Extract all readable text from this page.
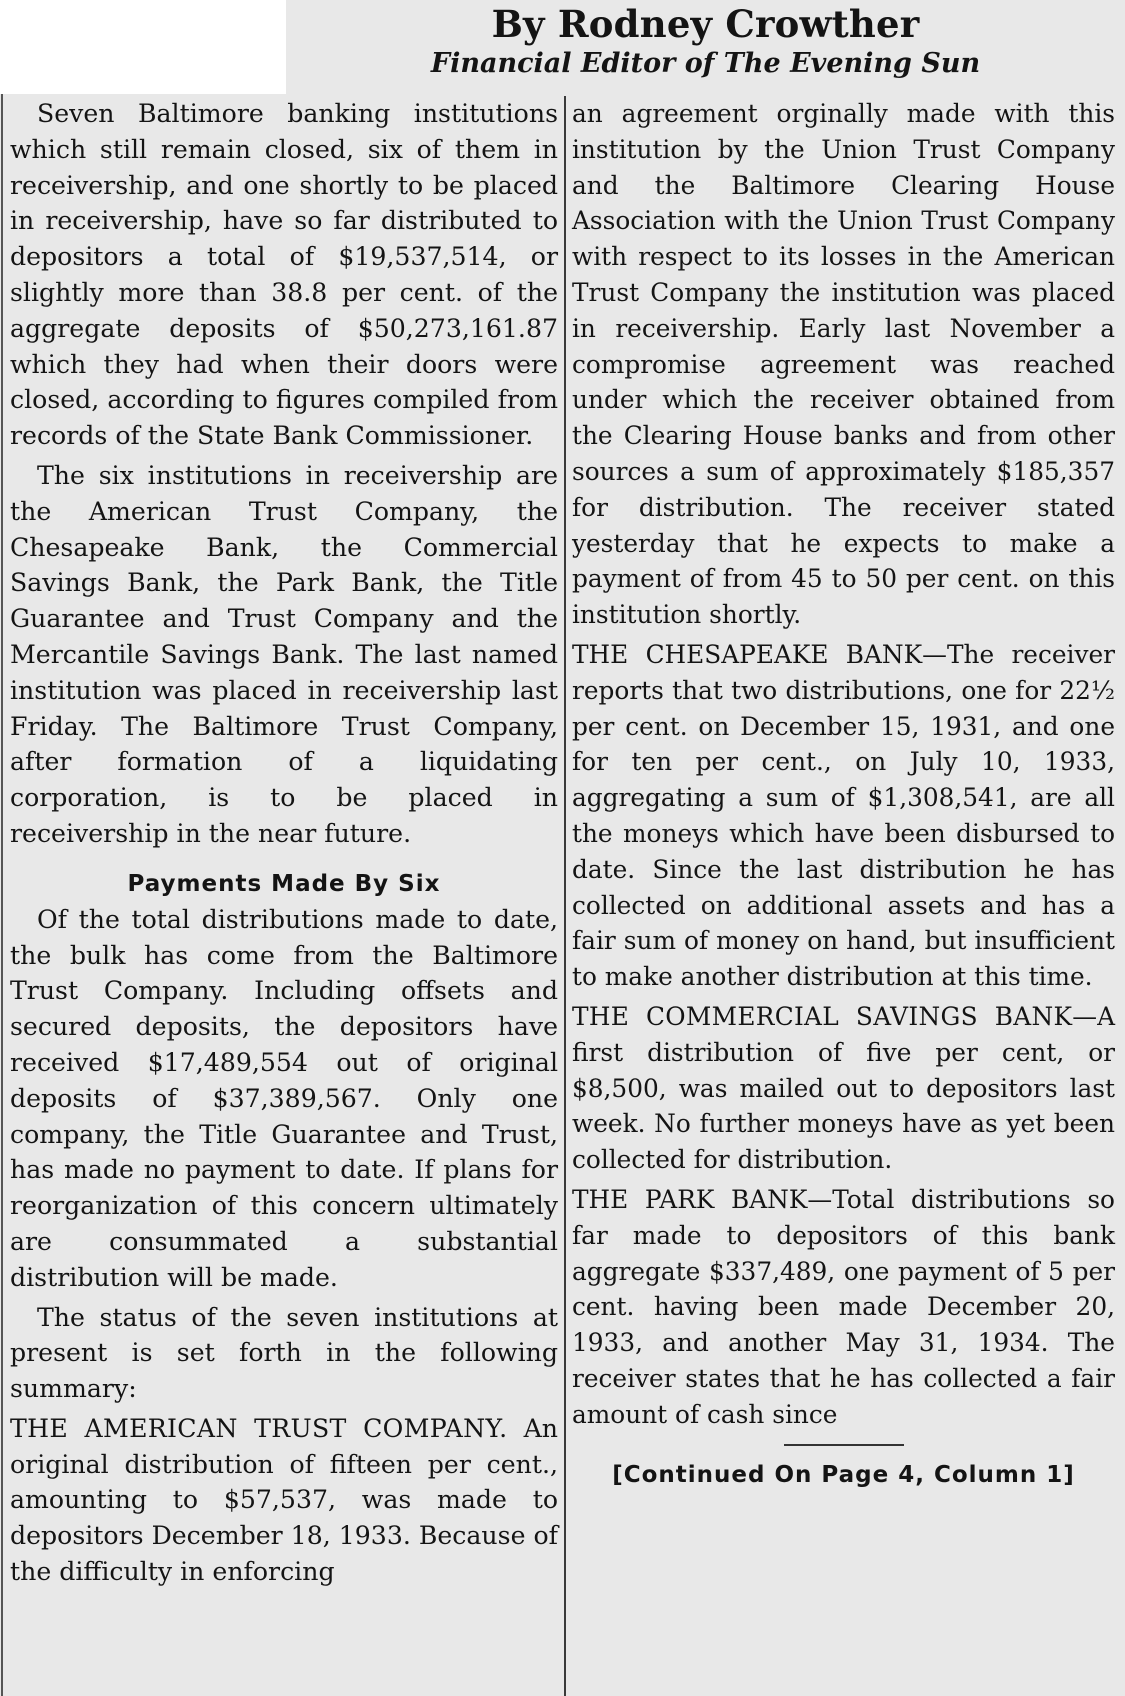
By Rodney Crowther
Financial Editor of The Evening Sun

Seven Baltimore banking institutions which still remain closed, six of them in receivership, and one shortly to be placed in receivership, have so far distributed to depositors a total of $19,537,514, or slightly more than 38.8 per cent. of the aggregate deposits of $50,273,161.87 which they had when their doors were closed, according to figures compiled from records of the State Bank Commissioner.

The six institutions in receivership are the American Trust Company, the Chesapeake Bank, the Commercial Savings Bank, the Park Bank, the Title Guarantee and Trust Company and the Mercantile Savings Bank. The last named institution was placed in receivership last Friday. The Baltimore Trust Company, after formation of a liquidating corporation, is to be placed in receivership in the near future.

Payments Made By Six

Of the total distributions made to date, the bulk has come from the Baltimore Trust Company. Including offsets and secured deposits, the depositors have received $17,489,554 out of original deposits of $37,389,567. Only one company, the Title Guarantee and Trust, has made no payment to date. If plans for reorganization of this concern ultimately are consummated a substantial distribution will be made.

The status of the seven institutions at present is set forth in the following summary:

THE AMERICAN TRUST COMPANY. An original distribution of fifteen per cent., amounting to $57,537, was made to depositors December 18, 1933. Because of the difficulty in enforcing

an agreement orginally made with this institution by the Union Trust Company and the Baltimore Clearing House Association with the Union Trust Company with respect to its losses in the American Trust Company the institution was placed in receivership. Early last November a compromise agreement was reached under which the receiver obtained from the Clearing House banks and from other sources a sum of approximately $185,357 for distribution. The receiver stated yesterday that he expects to make a payment of from 45 to 50 per cent. on this institution shortly.

THE CHESAPEAKE BANK—The receiver reports that two distributions, one for 22½ per cent. on December 15, 1931, and one for ten per cent., on July 10, 1933, aggregating a sum of $1,308,541, are all the moneys which have been disbursed to date. Since the last distribution he has collected on additional assets and has a fair sum of money on hand, but insufficient to make another distribution at this time.

THE COMMERCIAL SAVINGS BANK—A first distribution of five per cent, or $8,500, was mailed out to depositors last week. No further moneys have as yet been collected for distribution.

THE PARK BANK—Total distributions so far made to depositors of this bank aggregate $337,489, one payment of 5 per cent. having been made December 20, 1933, and another May 31, 1934. The receiver states that he has collected a fair amount of cash since

[Continued On Page 4, Column 1]
